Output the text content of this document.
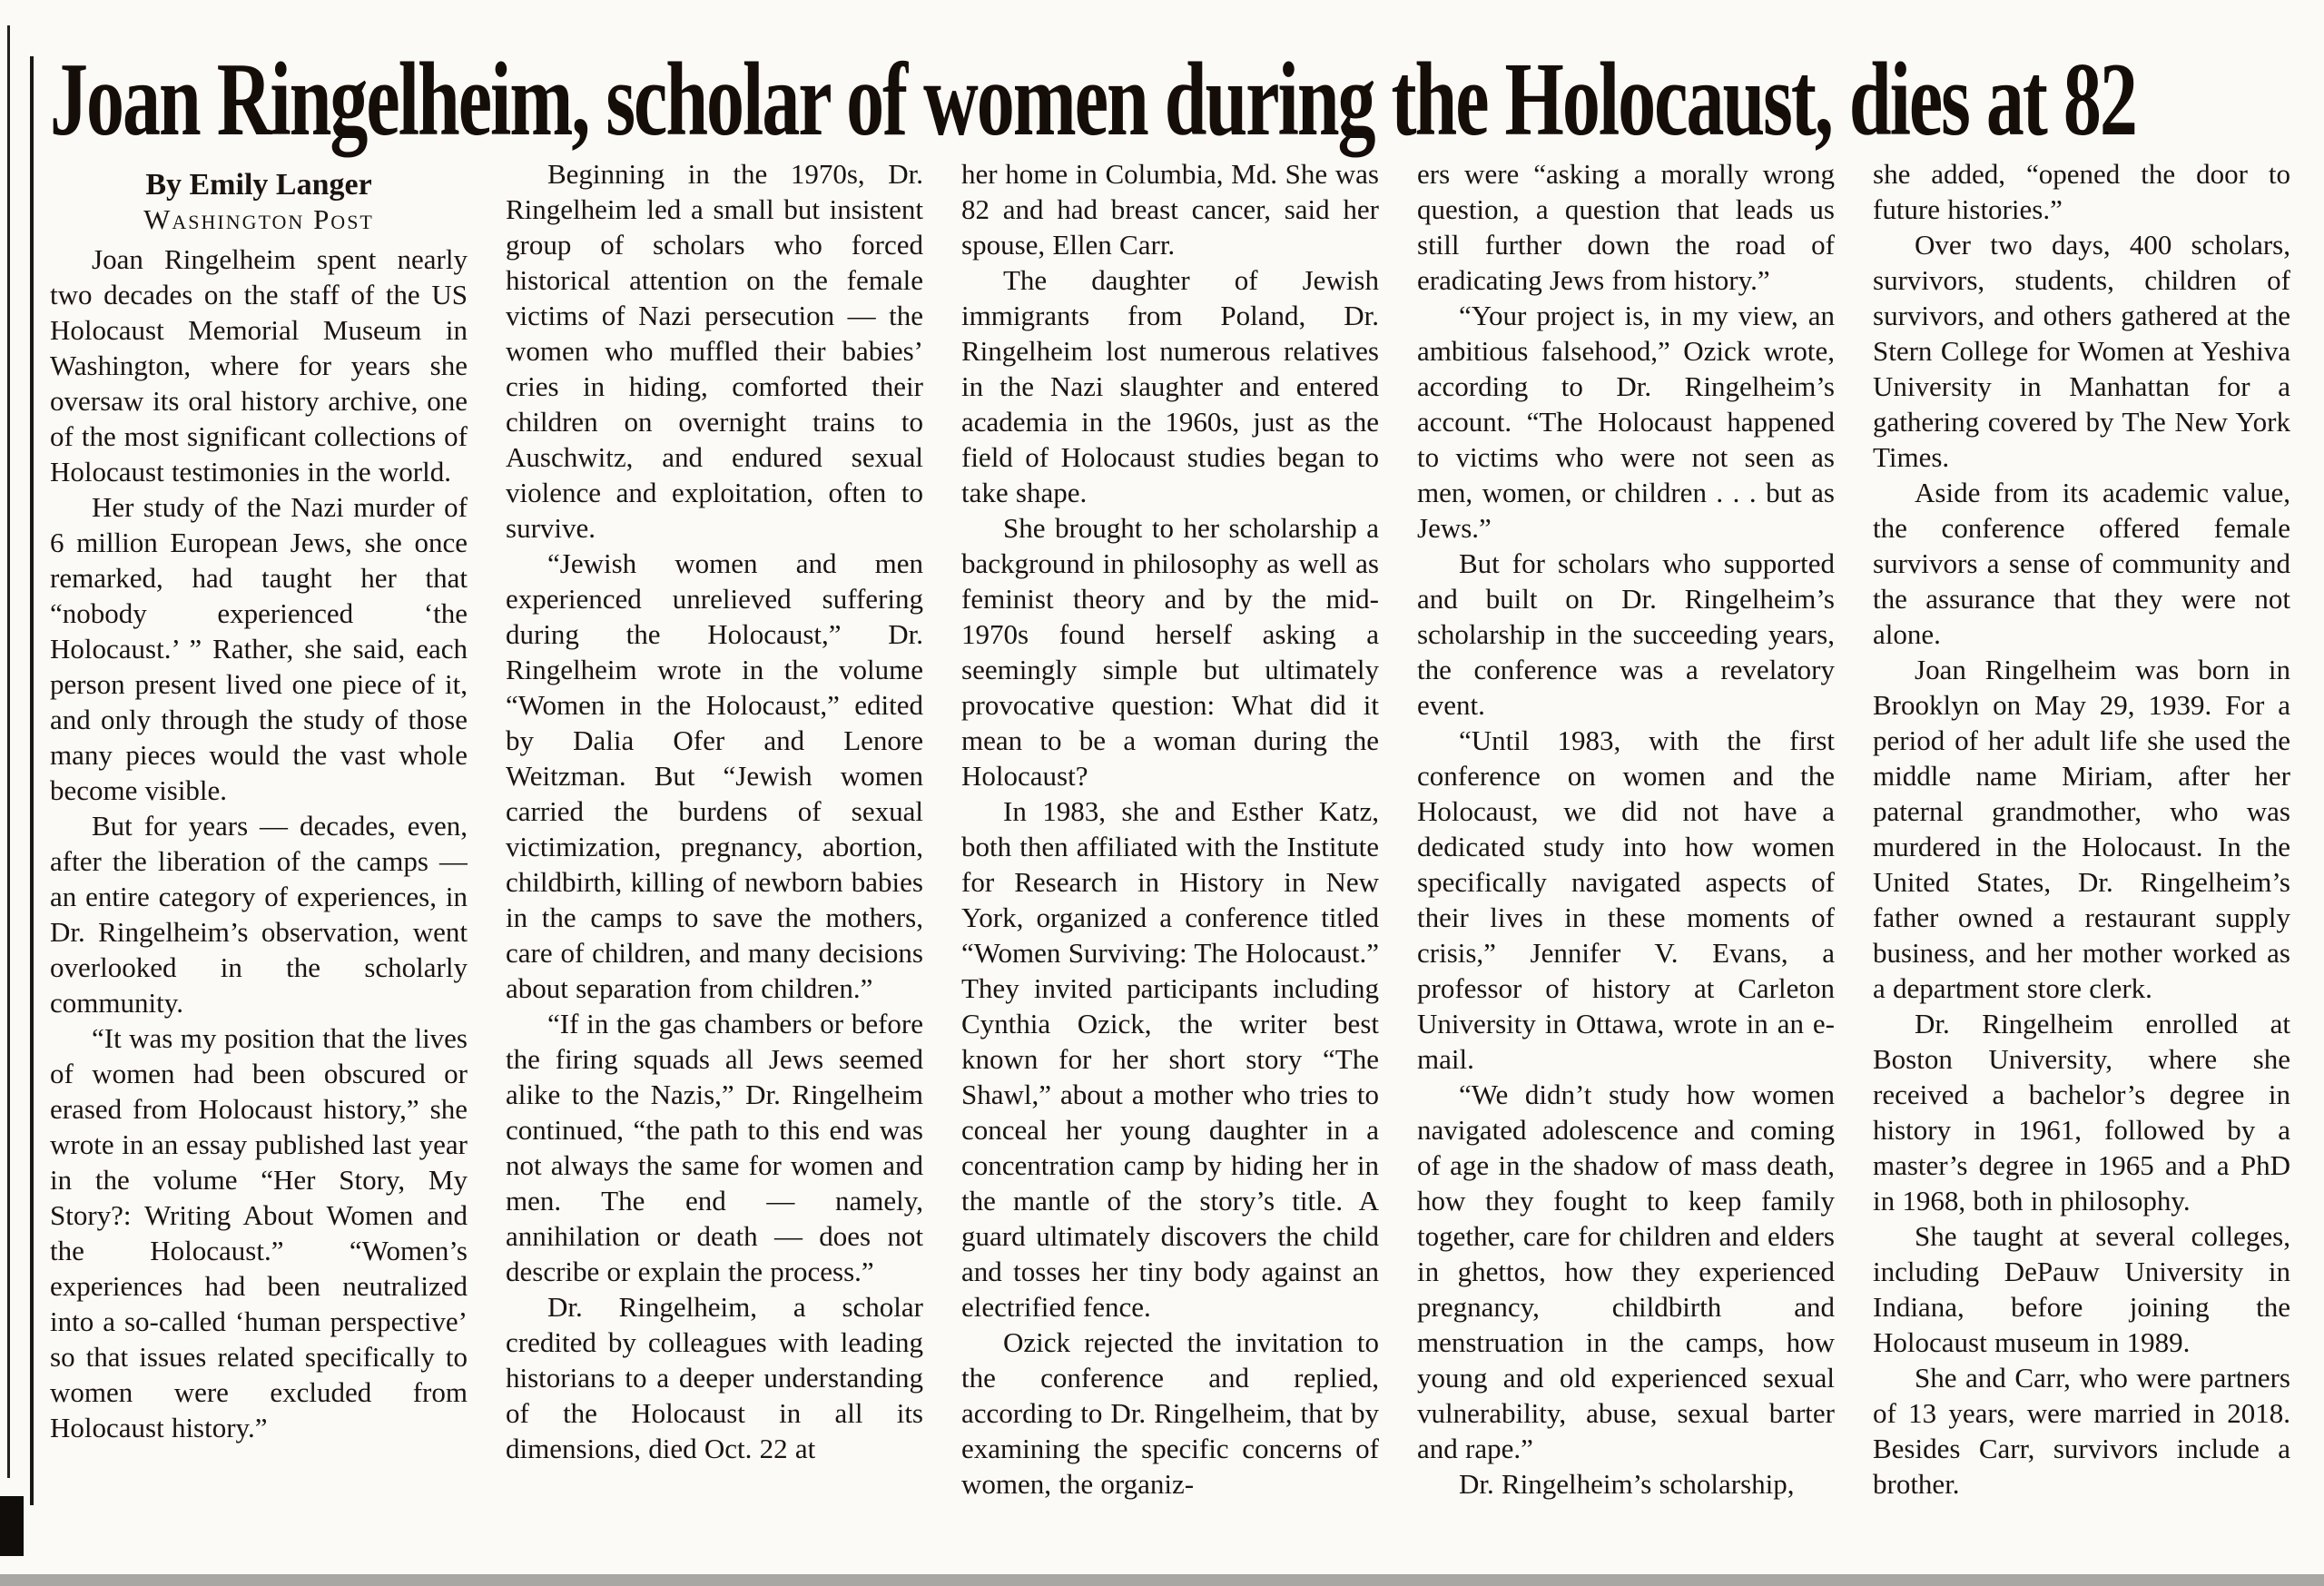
Joan Ringelheim, scholar of women during the Holocaust, dies at 82
By Emily Langer
Washington Post

Joan Ringelheim spent nearly two decades on the staff of the US Holocaust Memorial Museum in Washington, where for years she oversaw its oral history archive, one of the most significant collections of Holocaust testimonies in the world.

Her study of the Nazi murder of 6 million European Jews, she once remarked, had taught her that “nobody experienced ‘the Holocaust.’ ” Rather, she said, each person present lived one piece of it, and only through the study of those many pieces would the vast whole become visible.

But for years — decades, even, after the liberation of the camps — an entire category of experiences, in Dr. Ringelheim’s observation, went overlooked in the scholarly community.

“It was my position that the lives of women had been obscured or erased from Holocaust history,” she wrote in an essay published last year in the volume “Her Story, My Story?: Writing About Women and the Holocaust.” “Women’s experiences had been neutralized into a so-called ‘human perspective’ so that issues related specifically to women were excluded from Holocaust history.”

Beginning in the 1970s, Dr. Ringelheim led a small but insistent group of scholars who forced historical attention on the female victims of Nazi persecution — the women who muffled their babies’ cries in hiding, comforted their children on overnight trains to Auschwitz, and endured sexual violence and exploitation, often to survive.

“Jewish women and men experienced unrelieved suffering during the Holocaust,” Dr. Ringelheim wrote in the volume “Women in the Holocaust,” edited by Dalia Ofer and Lenore Weitzman. But “Jewish women carried the burdens of sexual victimization, pregnancy, abortion, childbirth, killing of newborn babies in the camps to save the mothers, care of children, and many decisions about separation from children.”

“If in the gas chambers or before the firing squads all Jews seemed alike to the Nazis,” Dr. Ringelheim continued, “the path to this end was not always the same for women and men. The end — namely, annihilation or death — does not describe or explain the process.”

Dr. Ringelheim, a scholar credited by colleagues with leading historians to a deeper understanding of the Holocaust in all its dimensions, died Oct. 22 at

her home in Columbia, Md. She was 82 and had breast cancer, said her spouse, Ellen Carr.

The daughter of Jewish immigrants from Poland, Dr. Ringelheim lost numerous relatives in the Nazi slaughter and entered academia in the 1960s, just as the field of Holocaust studies began to take shape.

She brought to her scholarship a background in philosophy as well as feminist theory and by the mid-1970s found herself asking a seemingly simple but ultimately provocative question: What did it mean to be a woman during the Holocaust?

In 1983, she and Esther Katz, both then affiliated with the Institute for Research in History in New York, organized a conference titled “Women Surviving: The Holocaust.” They invited participants including Cynthia Ozick, the writer best known for her short story “The Shawl,” about a mother who tries to conceal her young daughter in a concentration camp by hiding her in the mantle of the story’s title. A guard ultimately discovers the child and tosses her tiny body against an electrified fence.

Ozick rejected the invitation to the conference and replied, according to Dr. Ringelheim, that by examining the specific concerns of women, the organiz-

ers were “asking a morally wrong question, a question that leads us still further down the road of eradicating Jews from history.”

“Your project is, in my view, an ambitious falsehood,” Ozick wrote, according to Dr. Ringelheim’s account. “The Holocaust happened to victims who were not seen as men, women, or children . . . but as Jews.”

But for scholars who supported and built on Dr. Ringelheim’s scholarship in the succeeding years, the conference was a revelatory event.

“Until 1983, with the first conference on women and the Holocaust, we did not have a dedicated study into how women specifically navigated aspects of their lives in these moments of crisis,” Jennifer V. Evans, a professor of history at Carleton University in Ottawa, wrote in an e-mail.

“We didn’t study how women navigated adolescence and coming of age in the shadow of mass death, how they fought to keep family together, care for children and elders in ghettos, how they experienced pregnancy, childbirth and menstruation in the camps, how young and old experienced sexual vulnerability, abuse, sexual barter and rape.”

Dr. Ringelheim’s scholarship,

she added, “opened the door to future histories.”

Over two days, 400 scholars, survivors, students, children of survivors, and others gathered at the Stern College for Women at Yeshiva University in Manhattan for a gathering covered by The New York Times.

Aside from its academic value, the conference offered female survivors a sense of community and the assurance that they were not alone.

Joan Ringelheim was born in Brooklyn on May 29, 1939. For a period of her adult life she used the middle name Miriam, after her paternal grandmother, who was murdered in the Holocaust. In the United States, Dr. Ringelheim’s father owned a restaurant supply business, and her mother worked as a department store clerk.

Dr. Ringelheim enrolled at Boston University, where she received a bachelor’s degree in history in 1961, followed by a master’s degree in 1965 and a PhD in 1968, both in philosophy.

She taught at several colleges, including DePauw University in Indiana, before joining the Holocaust museum in 1989.

She and Carr, who were partners of 13 years, were married in 2018. Besides Carr, survivors include a brother.
